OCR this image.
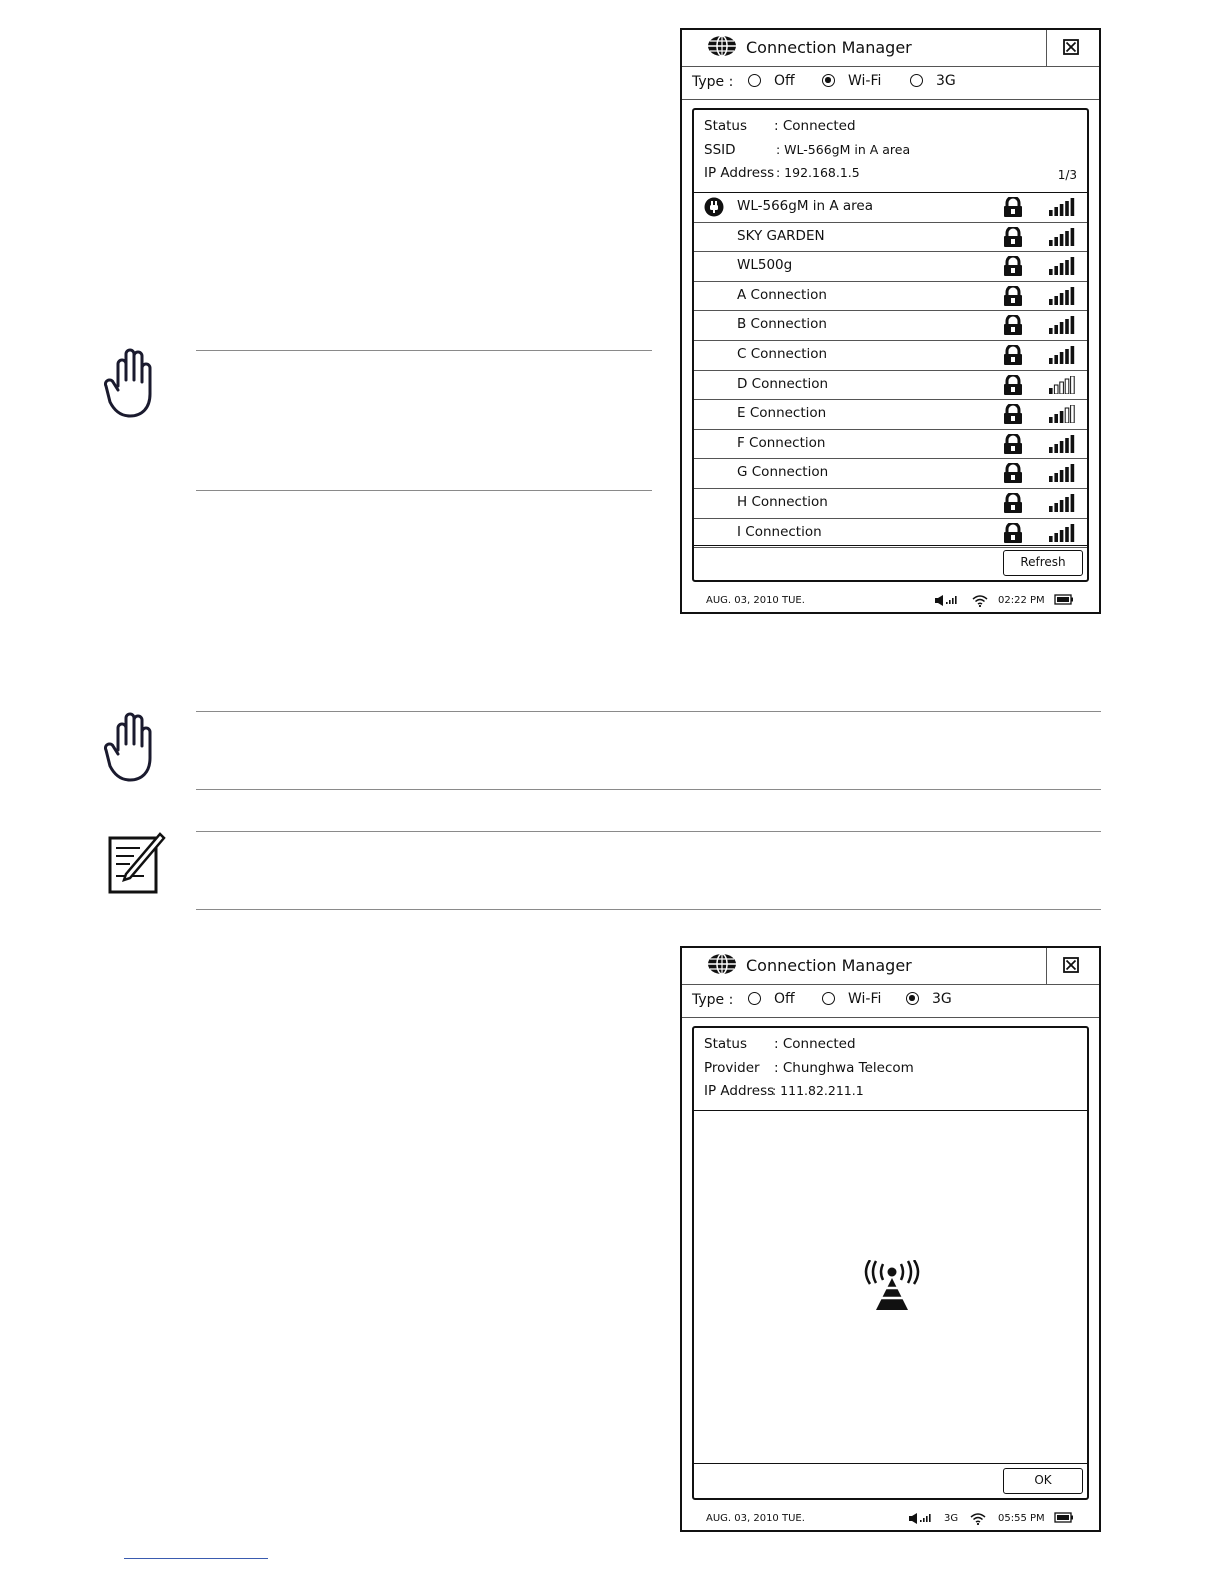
Connection Manager
Type :	Off	Wi-Fi	3G
Status : Connected
SSID	: WL-566gM in A area
IP Address : 192.168.1.5	1/3
WL-566gM in A area
SKY GARDEN
WL500g
A Connection
B Connection
C Connection
D Connection
E Connection
F Connection
G Connection
H Connection
I Connection
Refresh
AUG. 03, 2010 TUE.	02:22 PM
Connection Manager
Type :	Off	Wi-Fi	3G
Status : Connected
Provider : Chunghwa Telecom
IP Address
: 111.82.211.1
OK
AUG. 03, 2010 TUE.	3G	05:55 PM
